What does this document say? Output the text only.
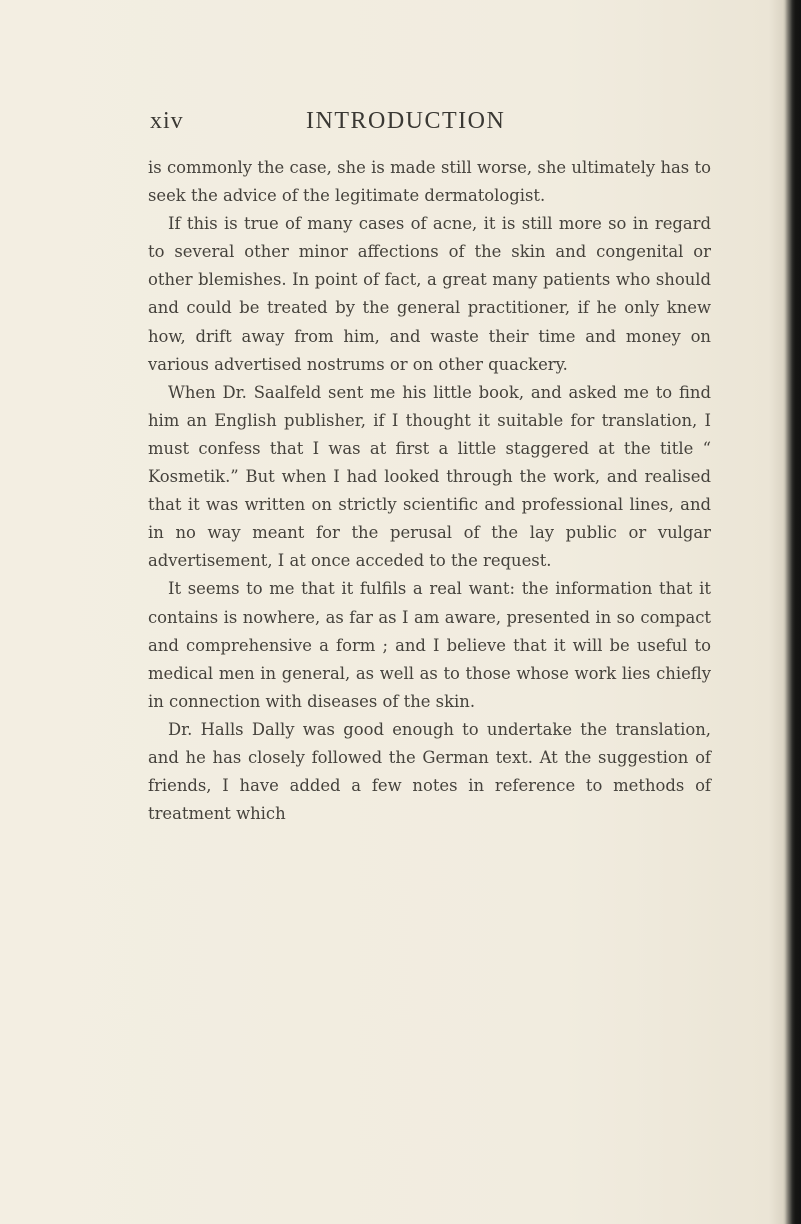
xiv	INTRODUCTION

is commonly the case, she is made still worse, she ultimately has to seek the advice of the legitimate dermatologist.

If this is true of many cases of acne, it is still more so in regard to several other minor affections of the skin and congenital or other blemishes. In point of fact, a great many patients who should and could be treated by the general practitioner, if he only knew how, drift away from him, and waste their time and money on various advertised nostrums or on other quackery.

When Dr. Saalfeld sent me his little book, and asked me to find him an English publisher, if I thought it suitable for translation, I must confess that I was at first a little staggered at the title “ Kosmetik.” But when I had looked through the work, and realised that it was written on strictly scientific and professional lines, and in no way meant for the perusal of the lay public or vulgar advertisement, I at once acceded to the request.

It seems to me that it fulfils a real want: the information that it contains is nowhere, as far as I am aware, presented in so compact and comprehensive a form ; and I believe that it will be useful to medical men in general, as well as to those whose work lies chiefly in connection with diseases of the skin.

Dr. Halls Dally was good enough to undertake the translation, and he has closely followed the German text. At the suggestion of friends, I have added a few notes in reference to methods of treatment which
